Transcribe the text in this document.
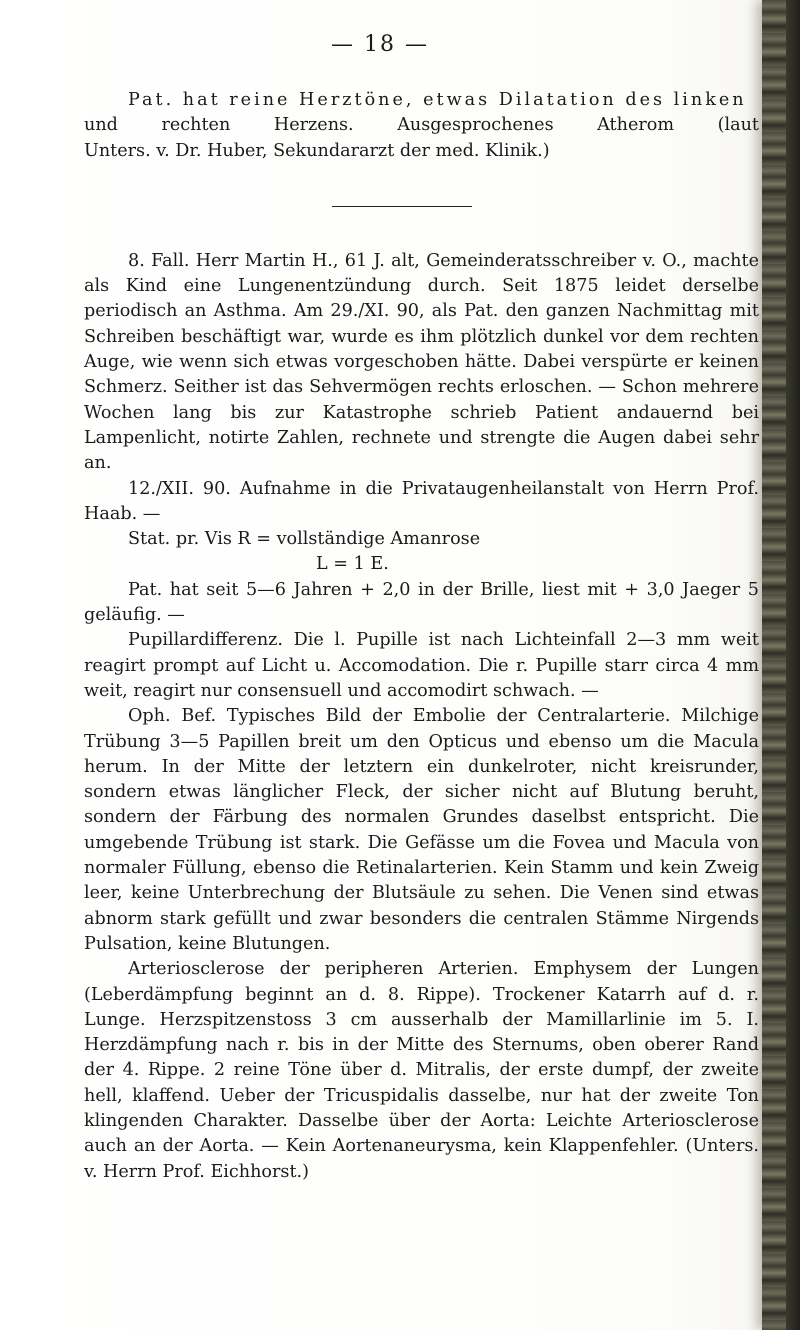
— 18 —

Pat. hat reine Herztöne, etwas Dilatation des linken

und rechten Herzens. Ausgesprochenes Atherom (laut

Unters. v. Dr. Huber, Sekundararzt der med. Klinik.)

8. Fall. Herr Martin H., 61 J. alt, Gemeinderatsschreiber v. O., machte als Kind eine Lungenentzündung durch. Seit 1875 leidet derselbe periodisch an Asthma. Am 29./XI. 90, als Pat. den ganzen Nachmittag mit Schreiben beschäftigt war, wurde es ihm plötzlich dunkel vor dem rechten Auge, wie wenn sich etwas vorgeschoben hätte. Dabei verspürte er keinen Schmerz. Seither ist das Sehvermögen rechts erloschen. — Schon mehrere Wochen lang bis zur Katastrophe schrieb Patient andauernd bei Lampenlicht, notirte Zahlen, rechnete und strengte die Augen dabei sehr an.

12./XII. 90. Aufnahme in die Privataugenheilanstalt von Herrn Prof. Haab. —

Stat. pr. Vis R = vollständige Amanrose

L = 1 E.

Pat. hat seit 5—6 Jahren + 2,0 in der Brille, liest mit + 3,0 Jaeger 5 geläufig. —

Pupillardifferenz. Die l. Pupille ist nach Lichteinfall 2—3 mm weit reagirt prompt auf Licht u. Accomodation. Die r. Pupille starr circa 4 mm weit, reagirt nur consensuell und accomodirt schwach. —

Oph. Bef. Typisches Bild der Embolie der Centralarterie. Milchige Trübung 3—5 Papillen breit um den Opticus und ebenso um die Macula herum. In der Mitte der letztern ein dunkelroter, nicht kreisrunder, sondern etwas länglicher Fleck, der sicher nicht auf Blutung beruht, sondern der Färbung des normalen Grundes daselbst entspricht. Die umgebende Trübung ist stark. Die Gefässe um die Fovea und Macula von normaler Füllung, ebenso die Retinalarterien. Kein Stamm und kein Zweig leer, keine Unterbrechung der Blutsäule zu sehen. Die Venen sind etwas abnorm stark gefüllt und zwar besonders die centralen Stämme Nirgends Pulsation, keine Blutungen.

Arteriosclerose der peripheren Arterien. Emphysem der Lungen (Leberdämpfung beginnt an d. 8. Rippe). Trockener Katarrh auf d. r. Lunge. Herzspitzenstoss 3 cm ausserhalb der Mamillarlinie im 5. I. Herzdämpfung nach r. bis in der Mitte des Sternums, oben oberer Rand der 4. Rippe. 2 reine Töne über d. Mitralis, der erste dumpf, der zweite hell, klaffend. Ueber der Tricuspidalis dasselbe, nur hat der zweite Ton klingenden Charakter. Dasselbe über der Aorta: Leichte Arteriosclerose auch an der Aorta. — Kein Aortenaneurysma, kein Klappenfehler. (Unters. v. Herrn Prof. Eichhorst.)
